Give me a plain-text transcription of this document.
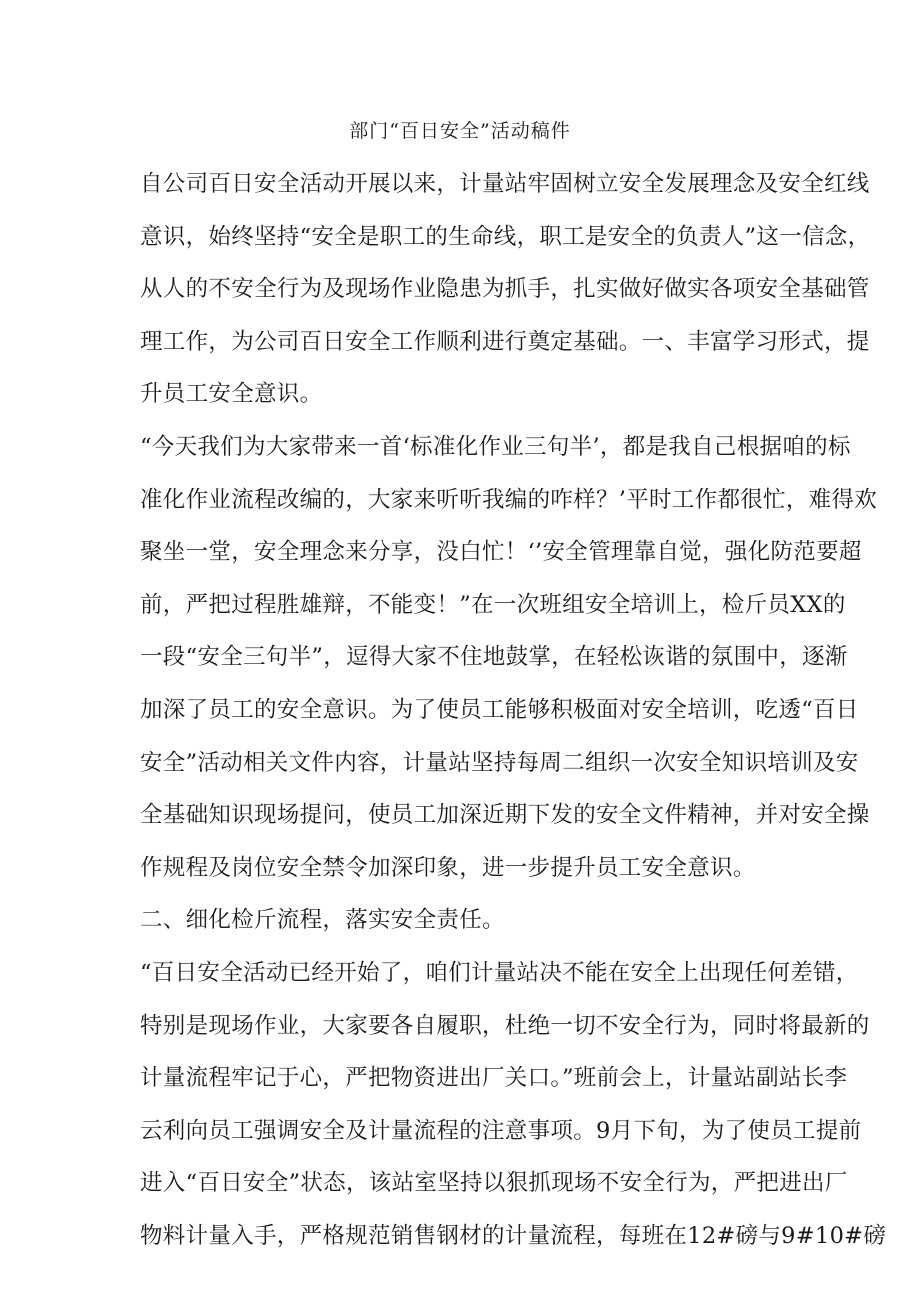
部门“百日安全”活动稿件
自公司百日安全活动开展以来，计量站牢固树立安全发展理念及安全红线
意识，始终坚持“安全是职工的生命线，职工是安全的负责人”这一信念，
从人的不安全行为及现场作业隐患为抓手，扎实做好做实各项安全基础管
理工作，为公司百日安全工作顺利进行奠定基础。一、丰富学习形式，提
升员工安全意识。
“今天我们为大家带来一首‘标准化作业三句半’，都是我自己根据咱的标
准化作业流程改编的，大家来听听我编的咋样？’平时工作都很忙，难得欢
聚坐一堂，安全理念来分享，没白忙！‘’安全管理靠自觉，强化防范要超
前，严把过程胜雄辩，不能变！”在一次班组安全培训上，检斤员XX的
一段“安全三句半”，逗得大家不住地鼓掌，在轻松诙谐的氛围中，逐渐
加深了员工的安全意识。为了使员工能够积极面对安全培训，吃透“百日
安全”活动相关文件内容，计量站坚持每周二组织一次安全知识培训及安
全基础知识现场提问，使员工加深近期下发的安全文件精神，并对安全操
作规程及岗位安全禁令加深印象，进一步提升员工安全意识。
二、细化检斤流程，落实安全责任。
“百日安全活动已经开始了，咱们计量站决不能在安全上出现任何差错，
特别是现场作业，大家要各自履职，杜绝一切不安全行为，同时将最新的
计量流程牢记于心，严把物资进出厂关口。”班前会上，计量站副站长李
云利向员工强调安全及计量流程的注意事项。9月下旬，为了使员工提前
进入“百日安全”状态，该站室坚持以狠抓现场不安全行为，严把进出厂
物料计量入手，严格规范销售钢材的计量流程，每班在12#磅与9#10#磅
